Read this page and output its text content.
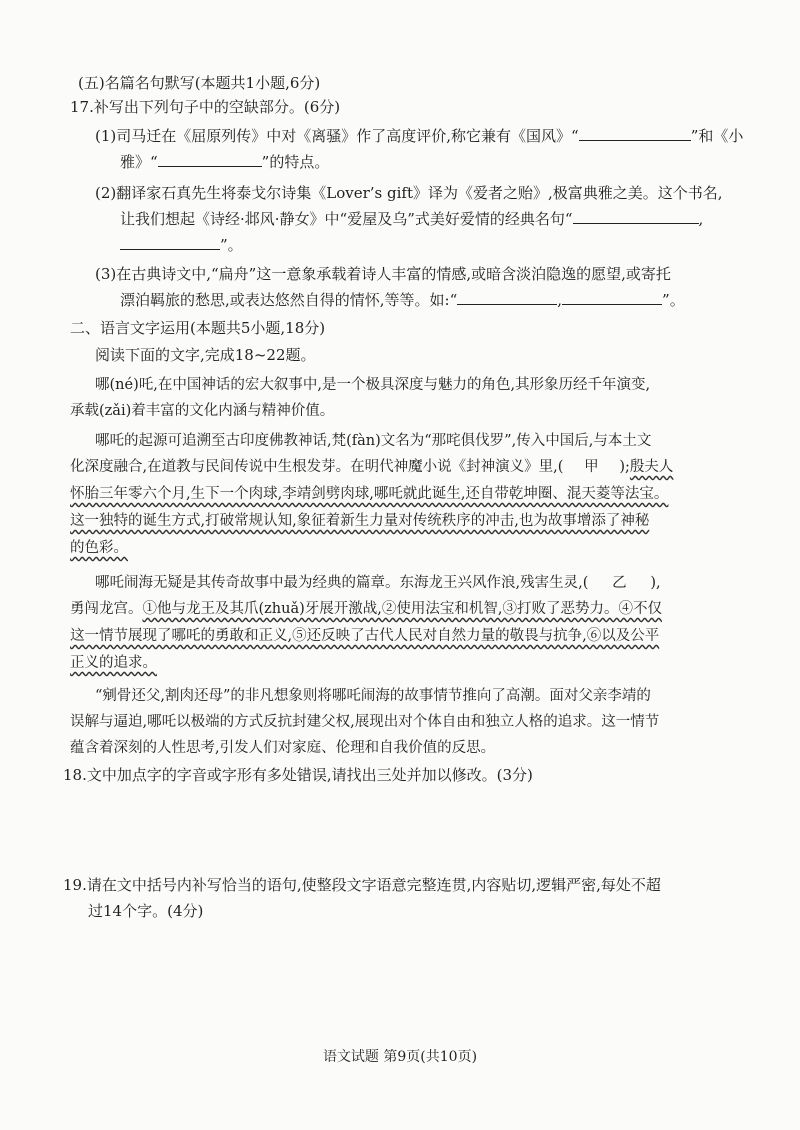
(五)名篇名句默写(本题共1小题,6分)
17.补写出下列句子中的空缺部分。(6分)
(1)司马迁在《屈原列传》中对《离骚》作了高度评价,称它兼有《国风》“	”和《小
雅》“	”的特点。
(2)翻译家石真先生将泰戈尔诗集《Lover’s gift》译为《爱者之贻》,极富典雅之美。这个书名,
让我们想起《诗经·邶风·静女》中“爱屋及乌”式美好爱情的经典名句“	,
”。
(3)在古典诗文中,“扁舟”这一意象承载着诗人丰富的情感,或暗含淡泊隐逸的愿望,或寄托
漂泊羁旅的愁思,或表达悠然自得的情怀,等等。如:“	,	”。
二、语言文字运用(本题共5小题,18分)
阅读下面的文字,完成18~22题。
哪(né)吒,在中国神话的宏大叙事中,是一个极具深度与魅力的角色,其形象历经千年演变,
承载(zǎi)着丰富的文化内涵与精神价值。
哪吒的起源可追溯至古印度佛教神话,梵(fàn)文名为“那咤俱伐罗”,传入中国后,与本土文
化深度融合,在道教与民间传说中生根发芽。在明代神魔小说《封神演义》里,( 甲 );殷夫人
怀胎三年零六个月,生下一个肉球,李靖剑劈肉球,哪吒就此诞生,还自带乾坤圈、混天菱等法宝。
这一独特的诞生方式,打破常规认知,象征着新生力量对传统秩序的冲击,也为故事增添了神秘
的色彩。
哪吒闹海无疑是其传奇故事中最为经典的篇章。东海龙王兴风作浪,残害生灵,( 乙 ),
勇闯龙宫。①他与龙王及其爪(zhuǎ)牙展开激战,②使用法宝和机智,③打败了恶势力。④不仅
这一情节展现了哪吒的勇敢和正义,⑤还反映了古代人民对自然力量的敬畏与抗争,⑥以及公平
正义的追求。
“剜骨还父,割肉还母”的非凡想象则将哪吒闹海的故事情节推向了高潮。面对父亲李靖的
误解与逼迫,哪吒以极端的方式反抗封建父权,展现出对个体自由和独立人格的追求。这一情节
蕴含着深刻的人性思考,引发人们对家庭、伦理和自我价值的反思。
18.文中加点字的字音或字形有多处错误,请找出三处并加以修改。(3分)
19.请在文中括号内补写恰当的语句,使整段文字语意完整连贯,内容贴切,逻辑严密,每处不超
过14个字。(4分)
语文试题 第9页(共10页)
